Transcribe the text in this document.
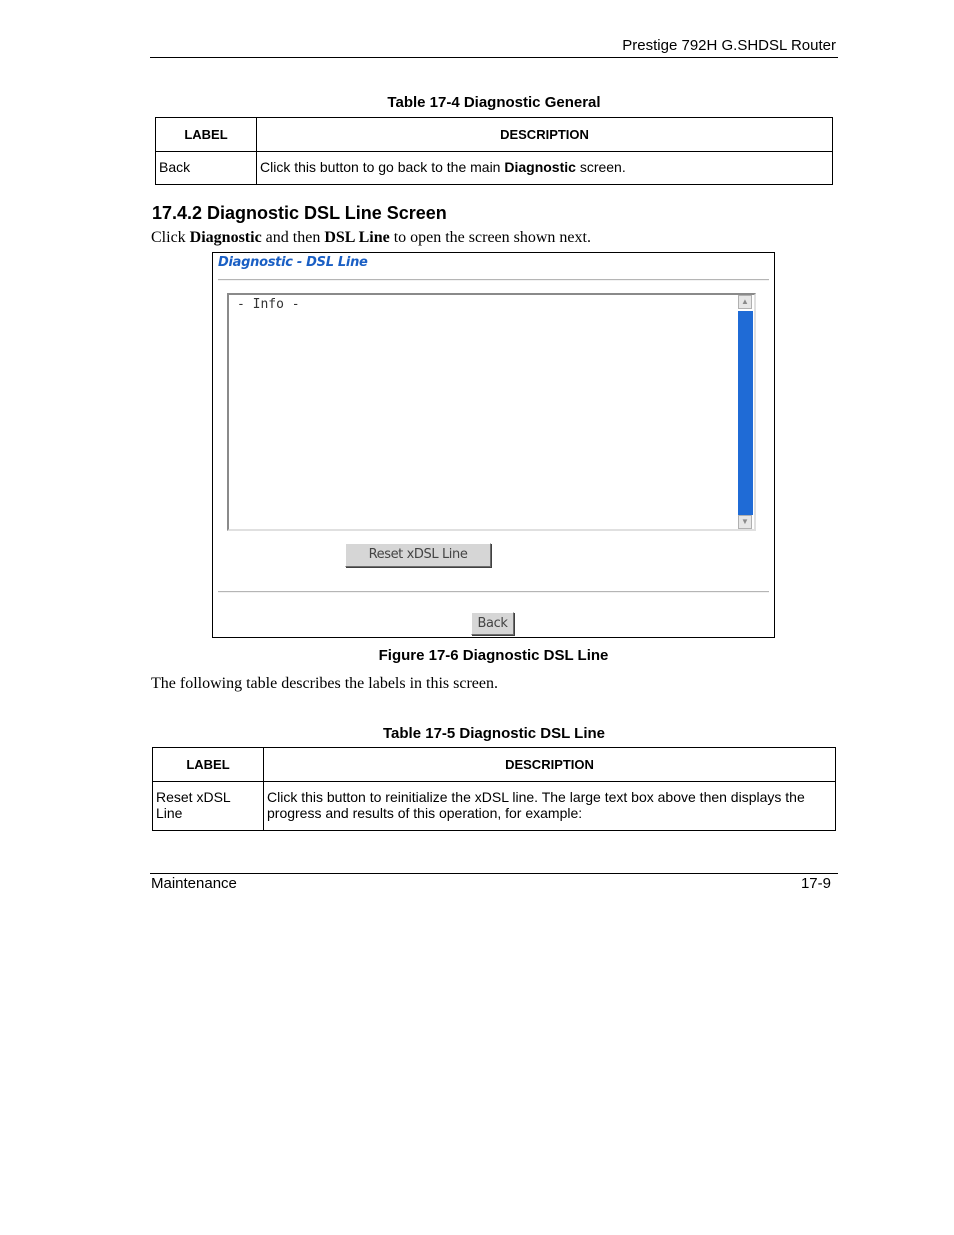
Prestige 792H G.SHDSL Router
Table 17-4 Diagnostic General
LABEL	DESCRIPTION

Back	Click this button to go back to the main Diagnostic screen.
17.4.2 Diagnostic DSL Line Screen
Click Diagnostic and then DSL Line to open the screen shown next.
Diagnostic - DSL Line
- Info -	▲
▼
Reset xDSL Line
Back
Figure 17-6 Diagnostic DSL Line
The following table describes the labels in this screen.
Table 17-5 Diagnostic DSL Line
LABEL	DESCRIPTION

Reset xDSL Line	Click this button to reinitialize the xDSL line. The large text box above then displays the progress and results of this operation, for example:
Maintenance	17-9
